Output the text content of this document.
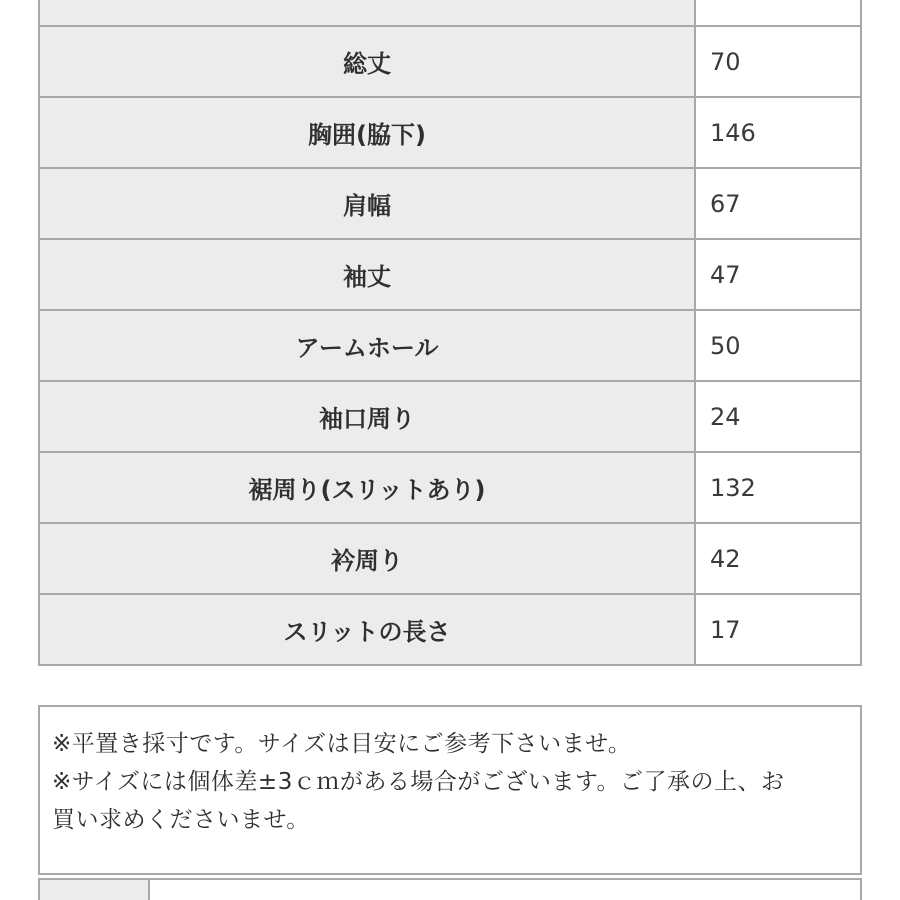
総丈	70
胸囲(脇下)	146
肩幅	67
袖丈	47
アームホール	50
袖口周り	24
裾周り(スリットあり)	132
衿周り	42
スリットの長さ	17
※平置き採寸です。サイズは目安にご参考下さいませ。
※サイズには個体差±3ｃｍがある場合がございます。ご了承の上、お
買い求めくださいませ。
